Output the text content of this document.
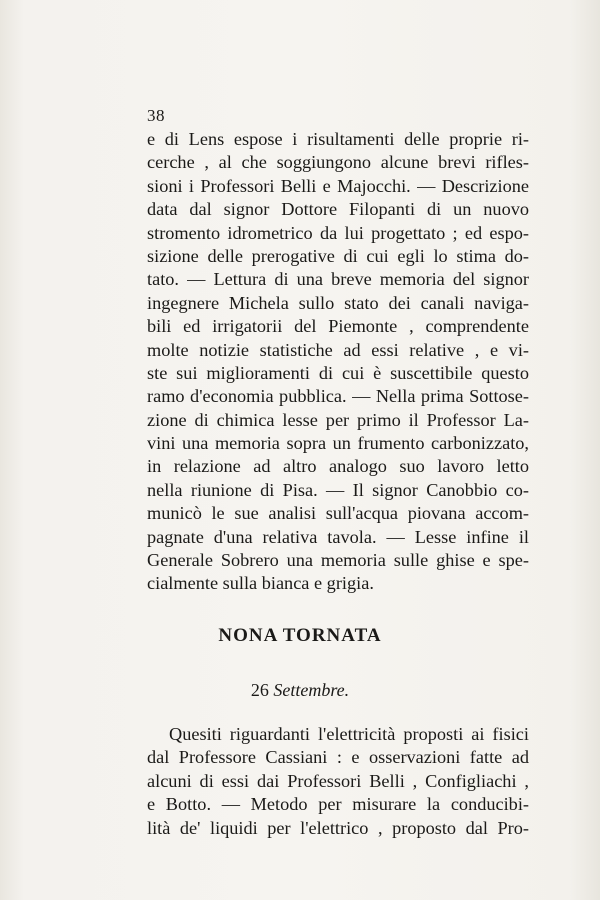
38
e di Lens espose i risultamenti delle proprie ri-
cerche , al che soggiungono alcune brevi rifles-
sioni i Professori Belli e Majocchi. — Descrizione
data dal signor Dottore Filopanti di un nuovo
stromento idrometrico da lui progettato ; ed espo-
sizione delle prerogative di cui egli lo stima do-
tato. — Lettura di una breve memoria del signor
ingegnere Michela sullo stato dei canali naviga-
bili ed irrigatorii del Piemonte , comprendente
molte notizie statistiche ad essi relative , e vi-
ste sui miglioramenti di cui è suscettibile questo
ramo d'economia pubblica. — Nella prima Sottose-
zione di chimica lesse per primo il Professor La-
vini una memoria sopra un frumento carbonizzato,
in relazione ad altro analogo suo lavoro letto
nella riunione di Pisa. — Il signor Canobbio co-
municò le sue analisi sull'acqua piovana accom-
pagnate d'una relativa tavola. — Lesse infine il
Generale Sobrero una memoria sulle ghise e spe-
cialmente sulla bianca e grigia.
NONA TORNATA
26 Settembre.
Quesiti riguardanti l'elettricità proposti ai fisici
dal Professore Cassiani : e osservazioni fatte ad
alcuni di essi dai Professori Belli , Configliachi ,
e Botto. — Metodo per misurare la conducibi-
lità de' liquidi per l'elettrico , proposto dal Pro-
